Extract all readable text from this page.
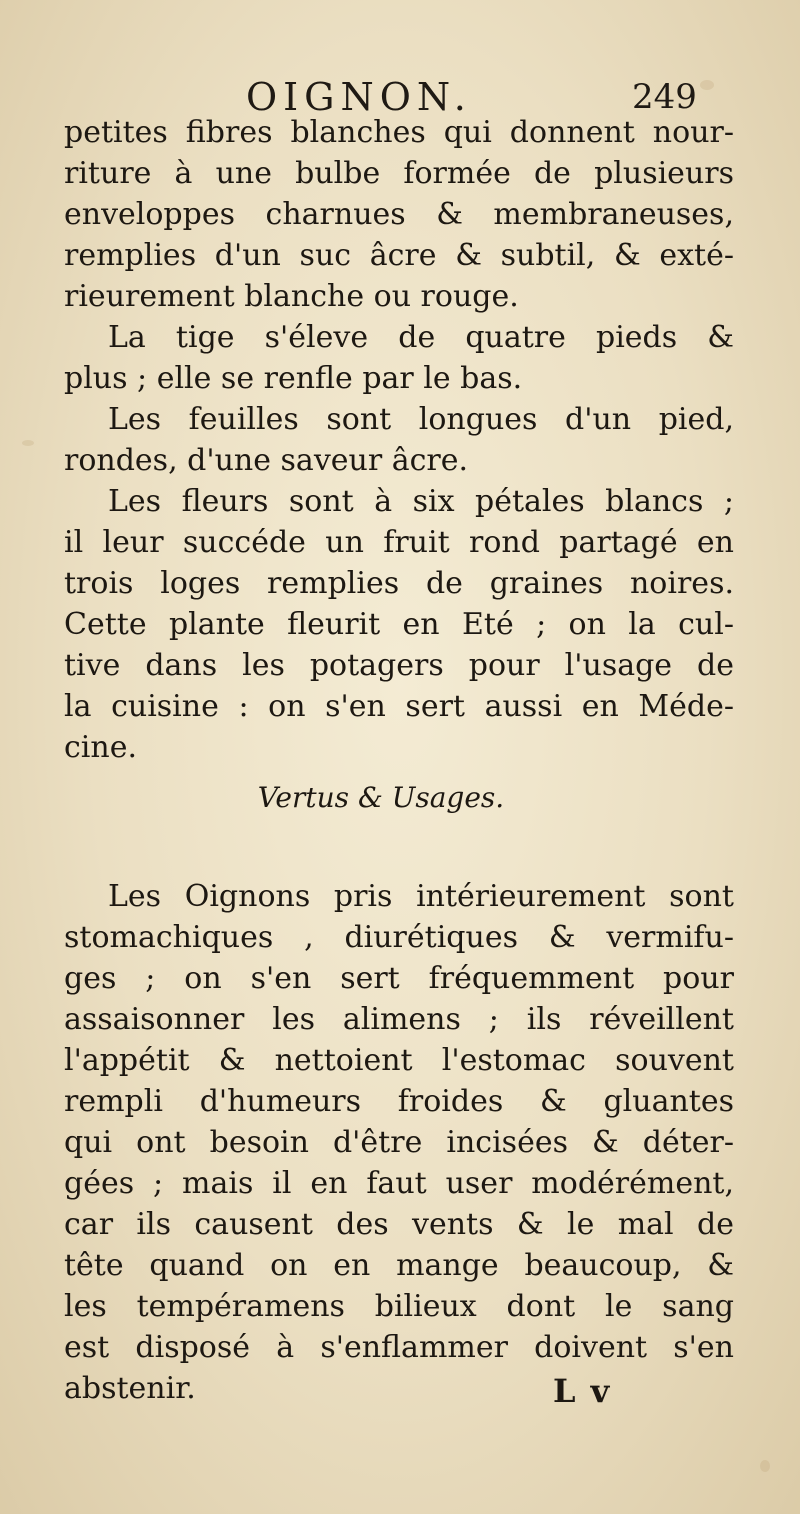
OIGNON.	249
petites fibres blanches qui donnent nour-
riture à une bulbe formée de plusieurs
enveloppes charnues & membraneuses,
remplies d'un suc âcre & subtil, & exté-
rieurement blanche ou rouge.
La tige s'éleve de quatre pieds &
plus ; elle se renfle par le bas.
Les feuilles sont longues d'un pied,
rondes, d'une saveur âcre.
Les fleurs sont à six pétales blancs ;
il leur succéde un fruit rond partagé en
trois loges remplies de graines noires.
Cette plante fleurit en Eté ; on la cul-
tive dans les potagers pour l'usage de
la cuisine : on s'en sert aussi en Méde-
cine.
Vertus & Usages.
Les Oignons pris intérieurement sont
stomachiques , diurétiques & vermifu-
ges ; on s'en sert fréquemment pour
assaisonner les alimens ; ils réveillent
l'appétit & nettoient l'estomac souvent
rempli d'humeurs froides & gluantes
qui ont besoin d'être incisées & déter-
gées ; mais il en faut user modérément,
car ils causent des vents & le mal de
tête quand on en mange beaucoup, &
les tempéramens bilieux dont le sang
est disposé à s'enflammer doivent s'en
abstenir.	L v
